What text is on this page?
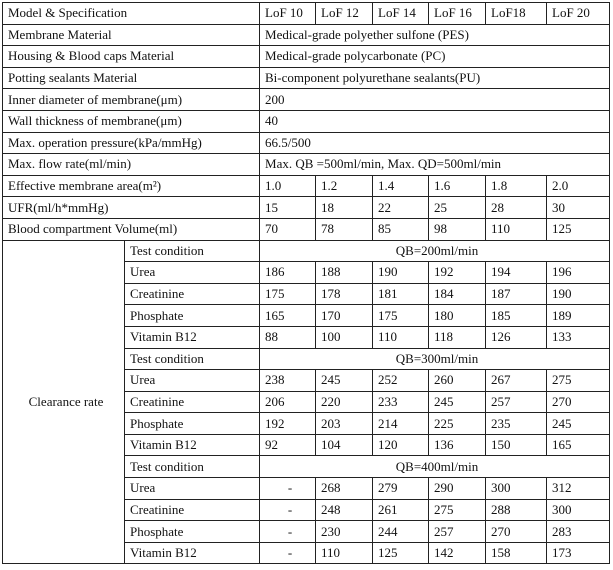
Model & Specification		LoF 10	LoF 12	LoF 14	LoF 16	LoF18	LoF 20
Membrane Material		Medical-grade polyether sulfone (PES)					
Housing & Blood caps Material		Medical-grade polycarbonate (PC)					
Potting sealants Material		Bi-component polyurethane sealants(PU)					
Inner diameter of membrane(μm)		200					
Wall thickness of membrane(μm)		40					
Max. operation pressure(kPa/mmHg)		66.5/500					
Max. flow rate(ml/min)		Max. QB =500ml/min, Max. QD=500ml/min					
Effective membrane area(m²)		1.0	1.2	1.4	1.6	1.8	2.0
UFR(ml/h*mmHg)		15	18	22	25	28	30
Blood compartment Volume(ml)		70	78	85	98	110	125
Clearance rate	Test condition	QB=200ml/min					
	Urea	186	188	190	192	194	196
	Creatinine	175	178	181	184	187	190
	Phosphate	165	170	175	180	185	189
	Vitamin B12	88	100	110	118	126	133
	Test condition	QB=300ml/min					
	Urea	238	245	252	260	267	275
	Creatinine	206	220	233	245	257	270
	Phosphate	192	203	214	225	235	245
	Vitamin B12	92	104	120	136	150	165
	Test condition	QB=400ml/min					
	Urea	-	268	279	290	300	312
	Creatinine	-	248	261	275	288	300
	Phosphate	-	230	244	257	270	283
	Vitamin B12	-	110	125	142	158	173
